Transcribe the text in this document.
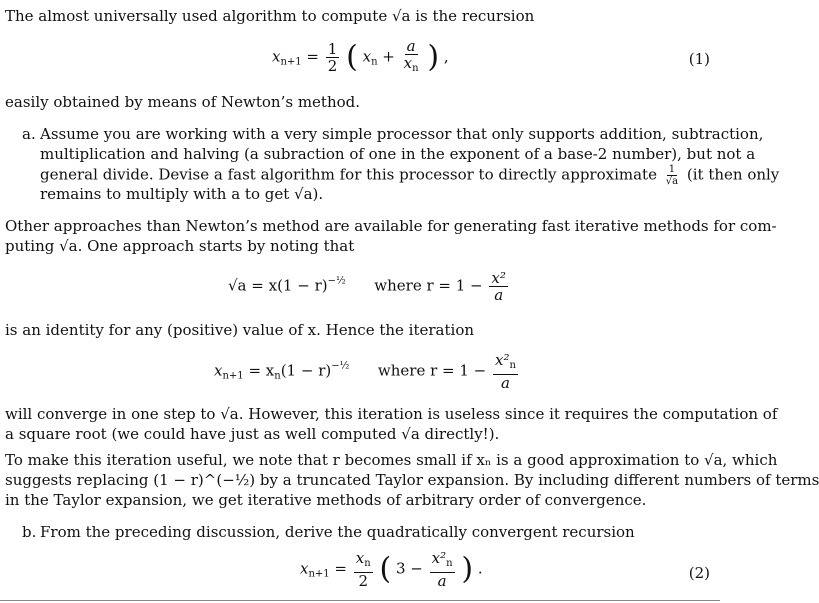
The almost universally used algorithm to compute √a is the recursion
$x_{n+1} = \frac{1}{2}$ ( $x_n + \frac{a}{x_n}$ ) ,	(1)
easily obtained by means of Newton’s method.
a. Assume you are working with a very simple processor that only supports addition, subtraction,
multiplication and halving (a subraction of one in the exponent of a base-2 number), but not a
general divide. Devise a fast algorithm for this processor to directly approximate $\frac{1}{√a} (it$ then only
remains to multiply with a to get √a).
Other approaches than Newton’s method are available for generating fast iterative methods for com-
puting √a. One approach starts by noting that
$√a = x(1 - r)^{-\frac{1}{2}}$ where $r = 1 - \frac{\text{x²}}{a}$
is an identity for any (positive) value of x. Hence the iteration
$x_{n+1} = x_n(1 - r)^{-\frac{1}{2}}$ where $r = 1 - \frac{x^2_n}{a}$
will converge in one step to √a. However, this iteration is useless since it requires the computation of
a square root (we could have just as well computed √a directly!).
To make this iteration useful, we note that r becomes small if xₙ is a good approximation to √a, which
suggests replacing (1 − r)^(−½) by a truncated Taylor expansion. By including different numbers of terms
in the Taylor expansion, we get iterative methods of arbitrary order of convergence.
b. From the preceding discussion, derive the quadratically convergent recursion
$x_{n+1} = \frac{x_n}{2}$ ( $3 - \frac{x^2_n}{a}$ ) .	(2)
